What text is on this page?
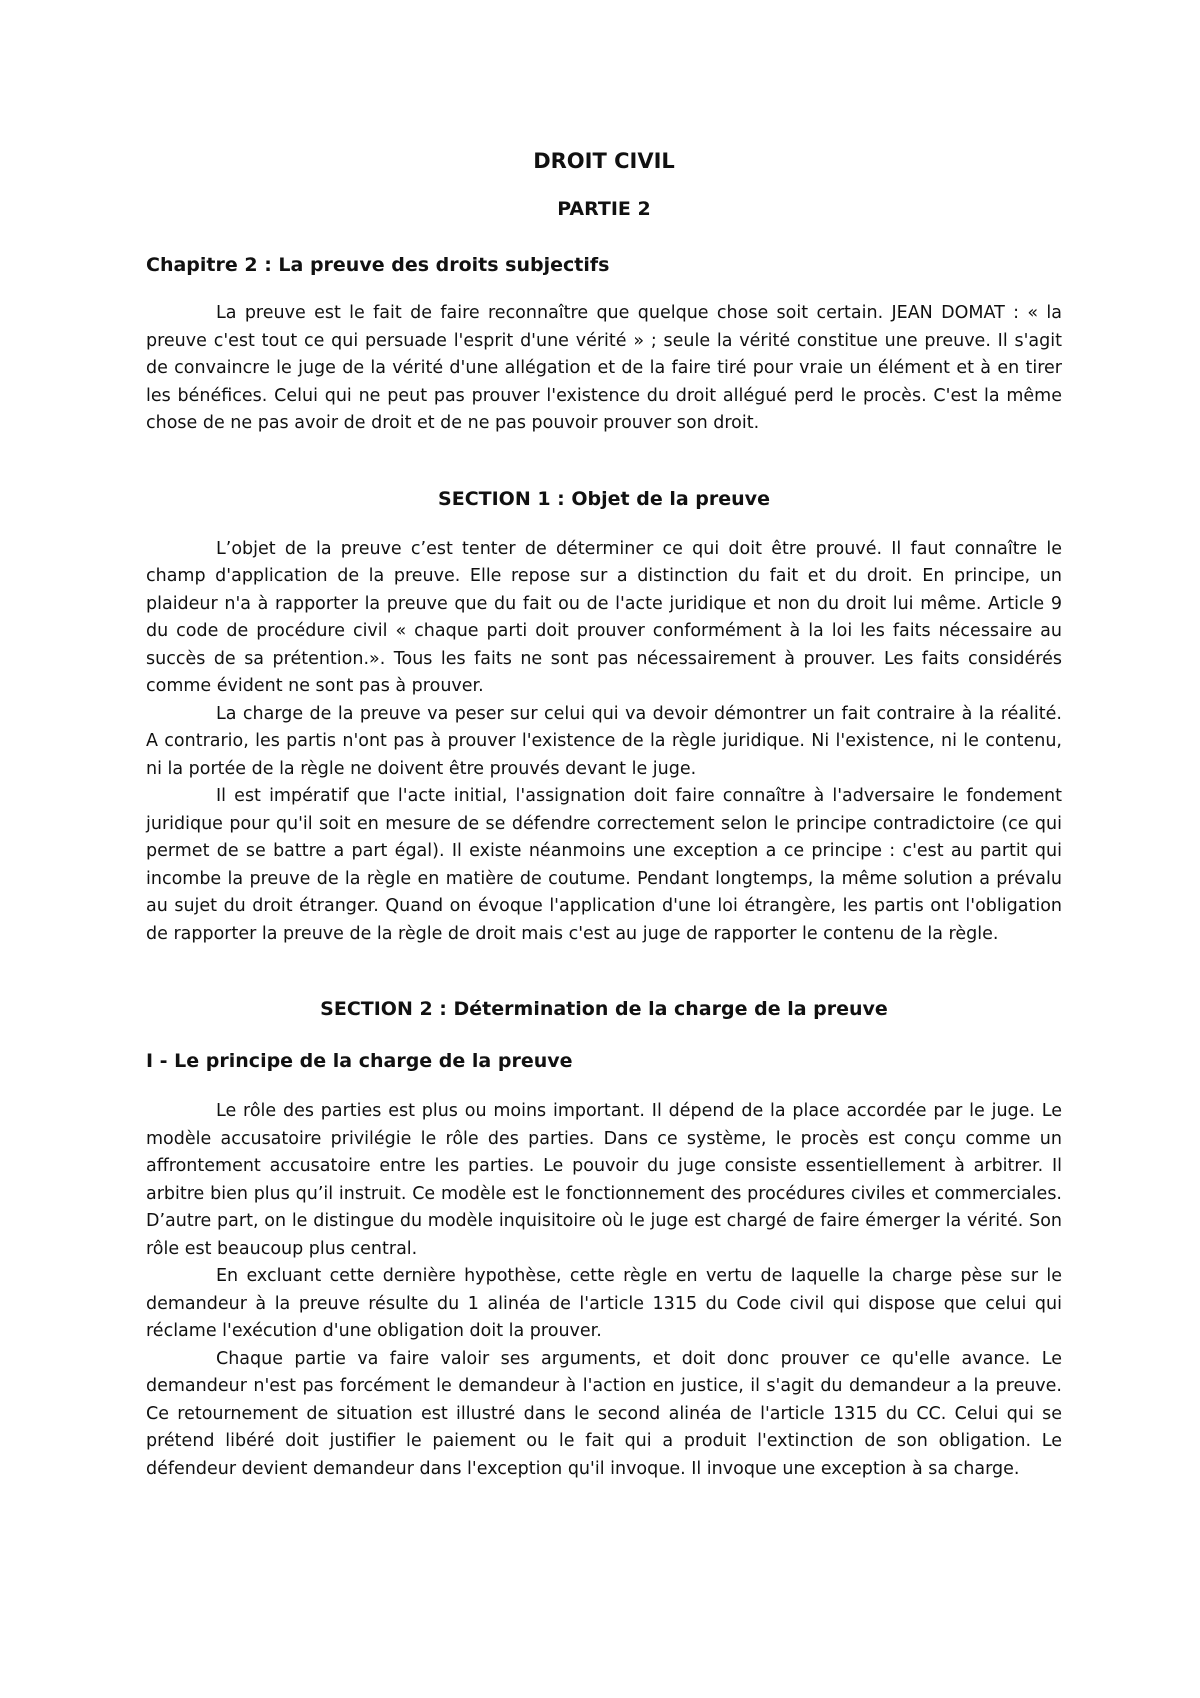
DROIT CIVIL
PARTIE 2
Chapitre 2 : La preuve des droits subjectifs

La preuve est le fait de faire reconnaître que quelque chose soit certain. JEAN DOMAT : « la preuve c'est tout ce qui persuade l'esprit d'une vérité » ; seule la vérité constitue une preuve. Il s'agit de convaincre le juge de la vérité d'une allégation et de la faire tiré pour vraie un élément et à en tirer les bénéfices. Celui qui ne peut pas prouver l'existence du droit allégué perd le procès. C'est la même chose de ne pas avoir de droit et de ne pas pouvoir prouver son droit.

SECTION 1 : Objet de la preuve

L’objet de la preuve c’est tenter de déterminer ce qui doit être prouvé. Il faut connaître le champ d'application de la preuve. Elle repose sur a distinction du fait et du droit. En principe, un plaideur n'a à rapporter la preuve que du fait ou de l'acte juridique et non du droit lui même. Article 9 du code de procédure civil « chaque parti doit prouver conformément à la loi les faits nécessaire au succès de sa prétention.». Tous les faits ne sont pas nécessairement à prouver. Les faits considérés comme évident ne sont pas à prouver.

La charge de la preuve va peser sur celui qui va devoir démontrer un fait contraire à la réalité. A contrario, les partis n'ont pas à prouver l'existence de la règle juridique. Ni l'existence, ni le contenu, ni la portée de la règle ne doivent être prouvés devant le juge.

Il est impératif que l'acte initial, l'assignation doit faire connaître à l'adversaire le fondement juridique pour qu'il soit en mesure de se défendre correctement selon le principe contradictoire (ce qui permet de se battre a part égal). Il existe néanmoins une exception a ce principe : c'est au partit qui incombe la preuve de la règle en matière de coutume. Pendant longtemps, la même solution a prévalu au sujet du droit étranger. Quand on évoque l'application d'une loi étrangère, les partis ont l'obligation de rapporter la preuve de la règle de droit mais c'est au juge de rapporter le contenu de la règle.

SECTION 2 : Détermination de la charge de la preuve
I - Le principe de la charge de la preuve

Le rôle des parties est plus ou moins important. Il dépend de la place accordée par le juge. Le modèle accusatoire privilégie le rôle des parties. Dans ce système, le procès est conçu comme un affrontement accusatoire entre les parties. Le pouvoir du juge consiste essentiellement à arbitrer. Il arbitre bien plus qu’il instruit. Ce modèle est le fonctionnement des procédures civiles et commerciales. D’autre part, on le distingue du modèle inquisitoire où le juge est chargé de faire émerger la vérité. Son rôle est beaucoup plus central.

En excluant cette dernière hypothèse, cette règle en vertu de laquelle la charge pèse sur le demandeur à la preuve résulte du 1 alinéa de l'article 1315 du Code civil qui dispose que celui qui réclame l'exécution d'une obligation doit la prouver.

Chaque partie va faire valoir ses arguments, et doit donc prouver ce qu'elle avance. Le demandeur n'est pas forcément le demandeur à l'action en justice, il s'agit du demandeur a la preuve. Ce retournement de situation est illustré dans le second alinéa de l'article 1315 du CC. Celui qui se prétend libéré doit justifier le paiement ou le fait qui a produit l'extinction de son obligation. Le défendeur devient demandeur dans l'exception qu'il invoque. Il invoque une exception à sa charge.
